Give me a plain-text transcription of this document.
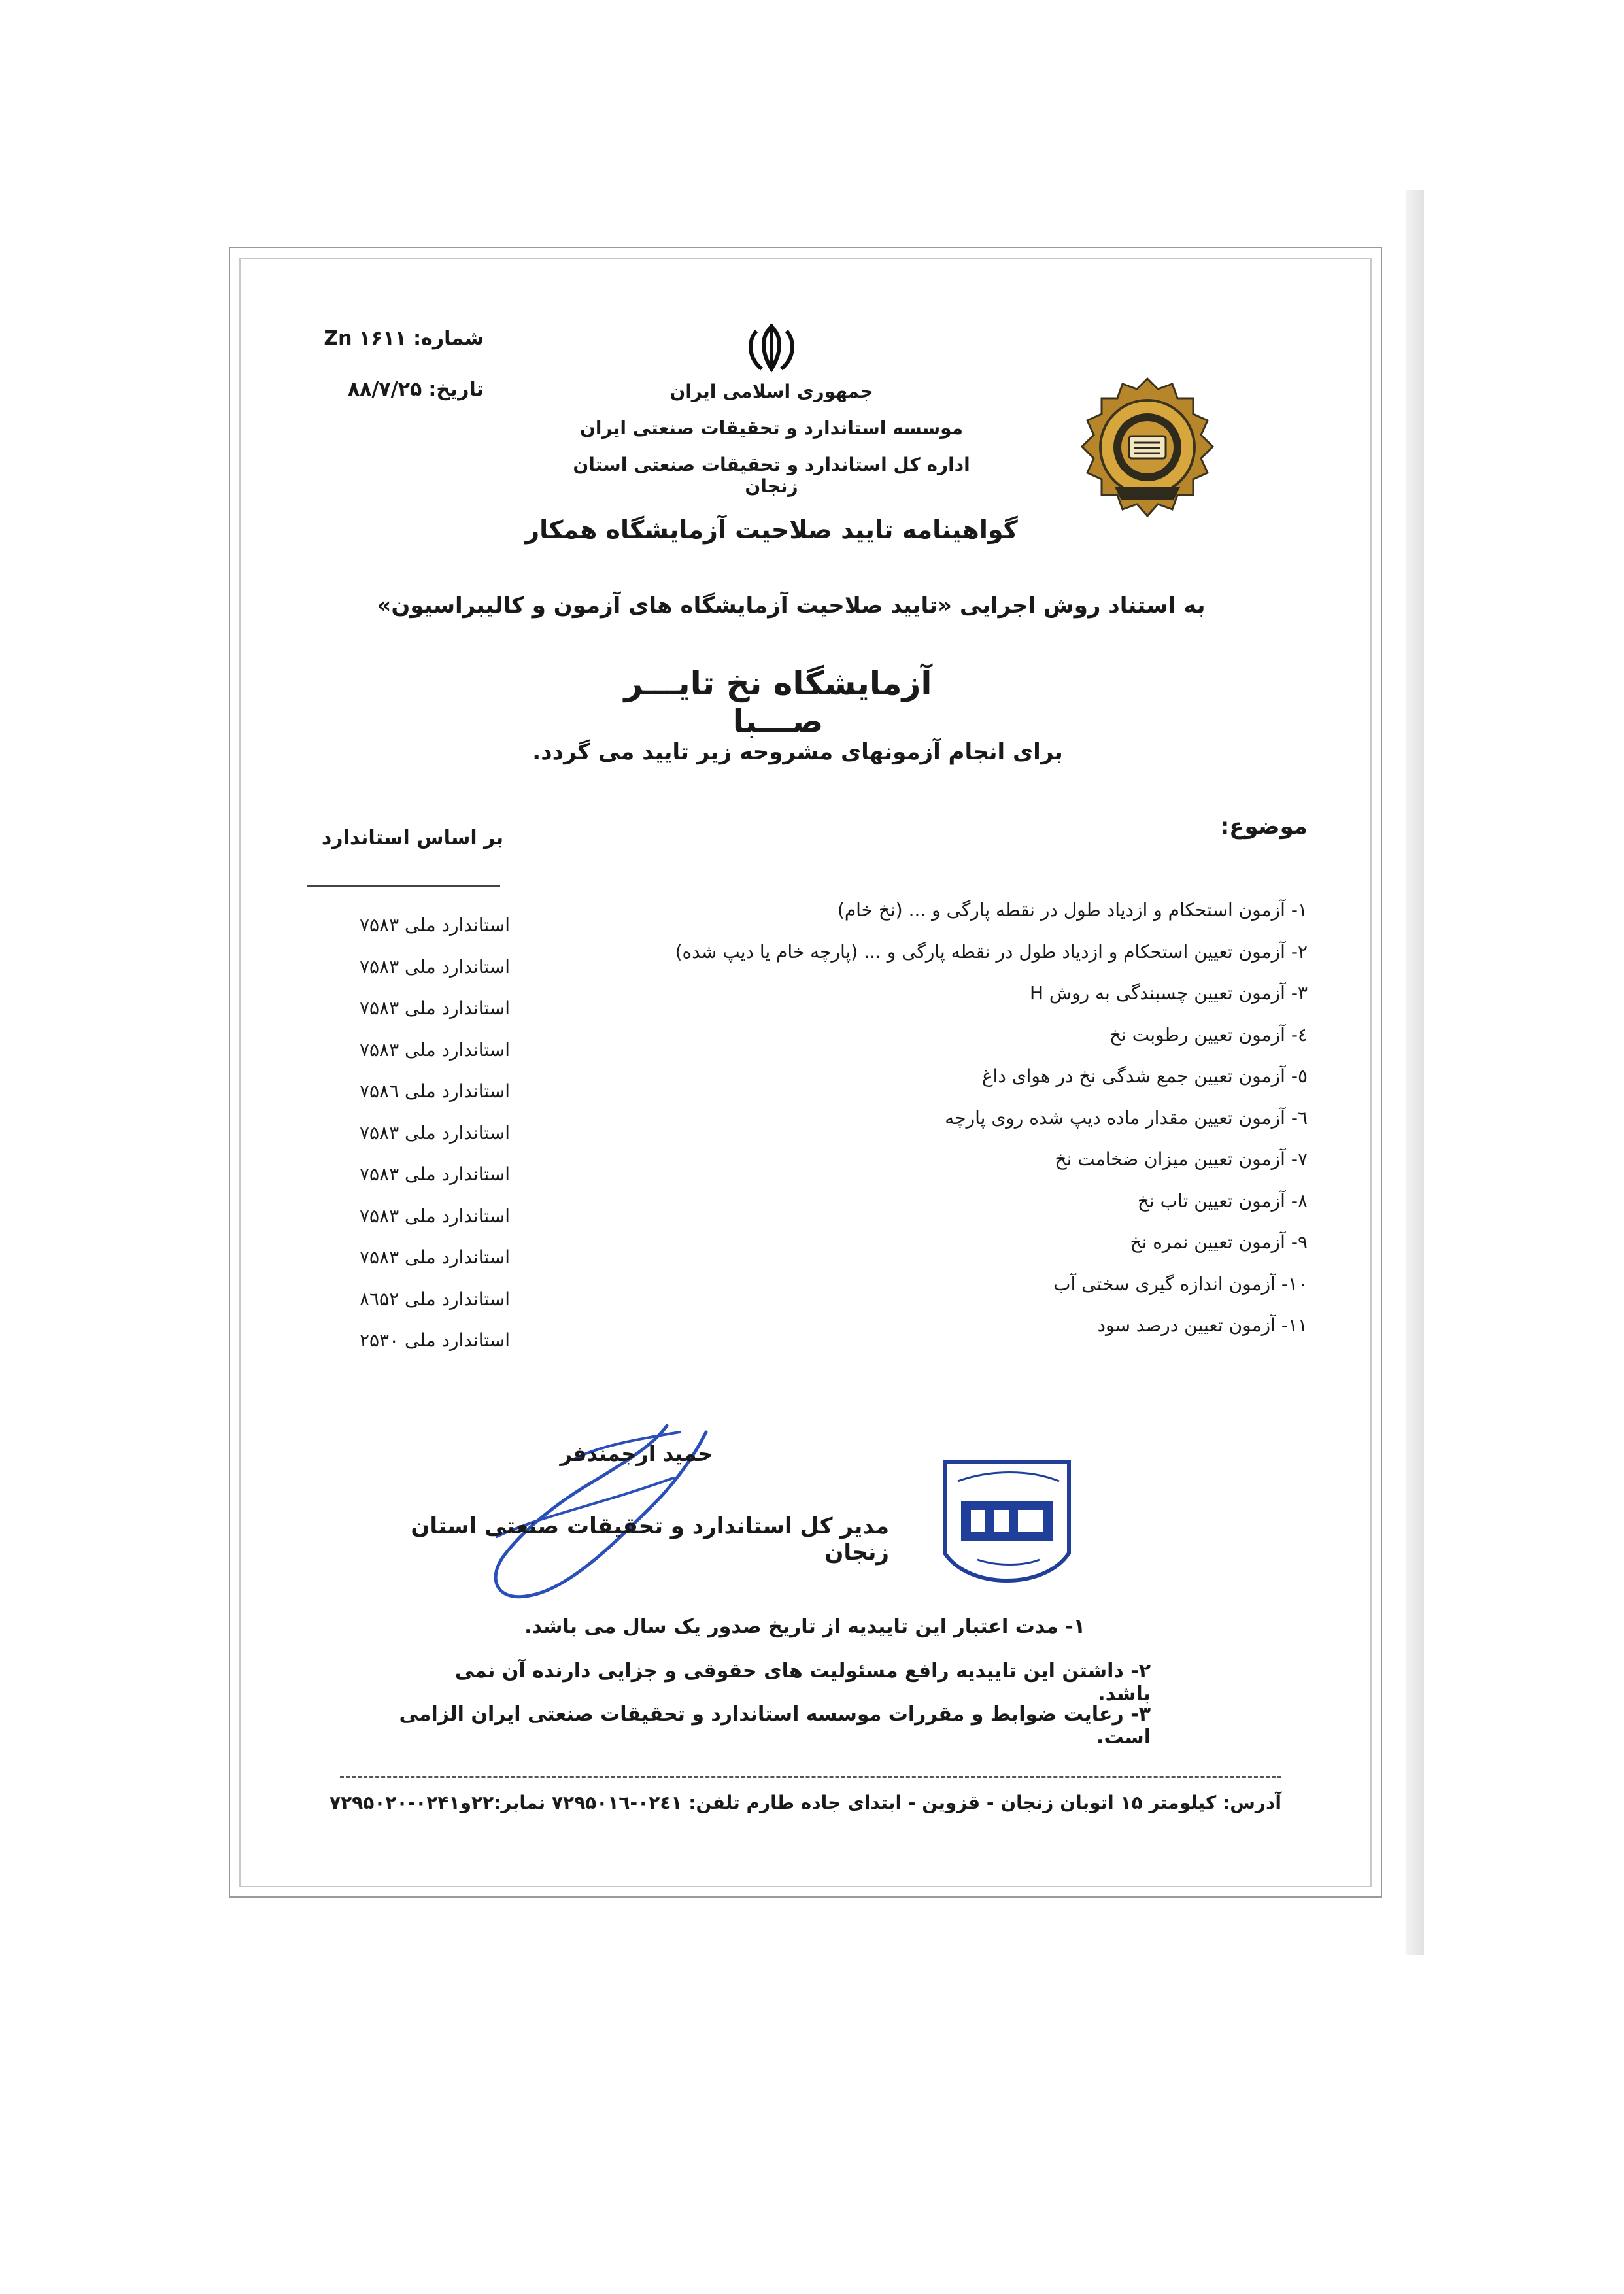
شماره:Zn ۱۶۱۱
تاریخ:۸۸/۷/۲۵	جمهوری اسلامی ایران
موسسه استاندارد و تحقیقات صنعتی ایران
اداره کل استاندارد و تحقیقات صنعتی استان زنجان
گواهینامه تایید صلاحیت آزمایشگاه همکار
به استناد روش اجرایی «تایید صلاحیت آزمایشگاه های آزمون و کالیبراسیون»
آزمایشگاه نخ تایـــر صـــبا
برای انجام آزمونهای مشروحه زیر تایید می گردد.
موضوع:
بر اساس استاندارد
۱- آزمون استحکام و ازدیاد طول در نقطه پارگی و ... (نخ خام)
۲- آزمون تعیین استحکام و ازدیاد طول در نقطه پارگی و ... (پارچه خام یا دیپ شده)
۳- آزمون تعیین چسبندگی به روش H
٤- آزمون تعیین رطوبت نخ
٥- آزمون تعیین جمع شدگی نخ در هوای داغ
٦- آزمون تعیین مقدار ماده دیپ شده روی پارچه
۷- آزمون تعیین میزان ضخامت نخ
۸- آزمون تعیین تاب نخ
۹- آزمون تعیین نمره نخ
۱۰- آزمون اندازه گیری سختی آب
۱۱- آزمون تعیین درصد سود
استاندارد ملی ۷۵۸۳
استاندارد ملی ۷۵۸۳
استاندارد ملی ۷۵۸۳
استاندارد ملی ۷۵۸۳
استاندارد ملی ۷۵۸٦
استاندارد ملی ۷۵۸۳
استاندارد ملی ۷۵۸۳
استاندارد ملی ۷۵۸۳
استاندارد ملی ۷۵۸۳
استاندارد ملی ۸٦۵۲
استاندارد ملی ۲۵۳۰
حمید ارجمندفر
مدیر کل استاندارد و تحقیقات صنعتی استان زنجان
۱- مدت اعتبار این تاییدیه از تاریخ صدور یک سال می باشد.
۲- داشتن این تاییدیه رافع مسئولیت های حقوقی و جزایی دارنده آن نمی باشد.
۳- رعایت ضوابط و مقررات موسسه استاندارد و تحقیقات صنعتی ایران الزامی است.
آدرس: کیلومتر ۱۵ اتوبان زنجان - قزوین - ابتدای جاده طارم تلفن: ۰۲٤۱-۷۲۹۵۰۱٦ نمابر:۲۲و۰۲۴۱-۷۲۹۵۰۲۰
